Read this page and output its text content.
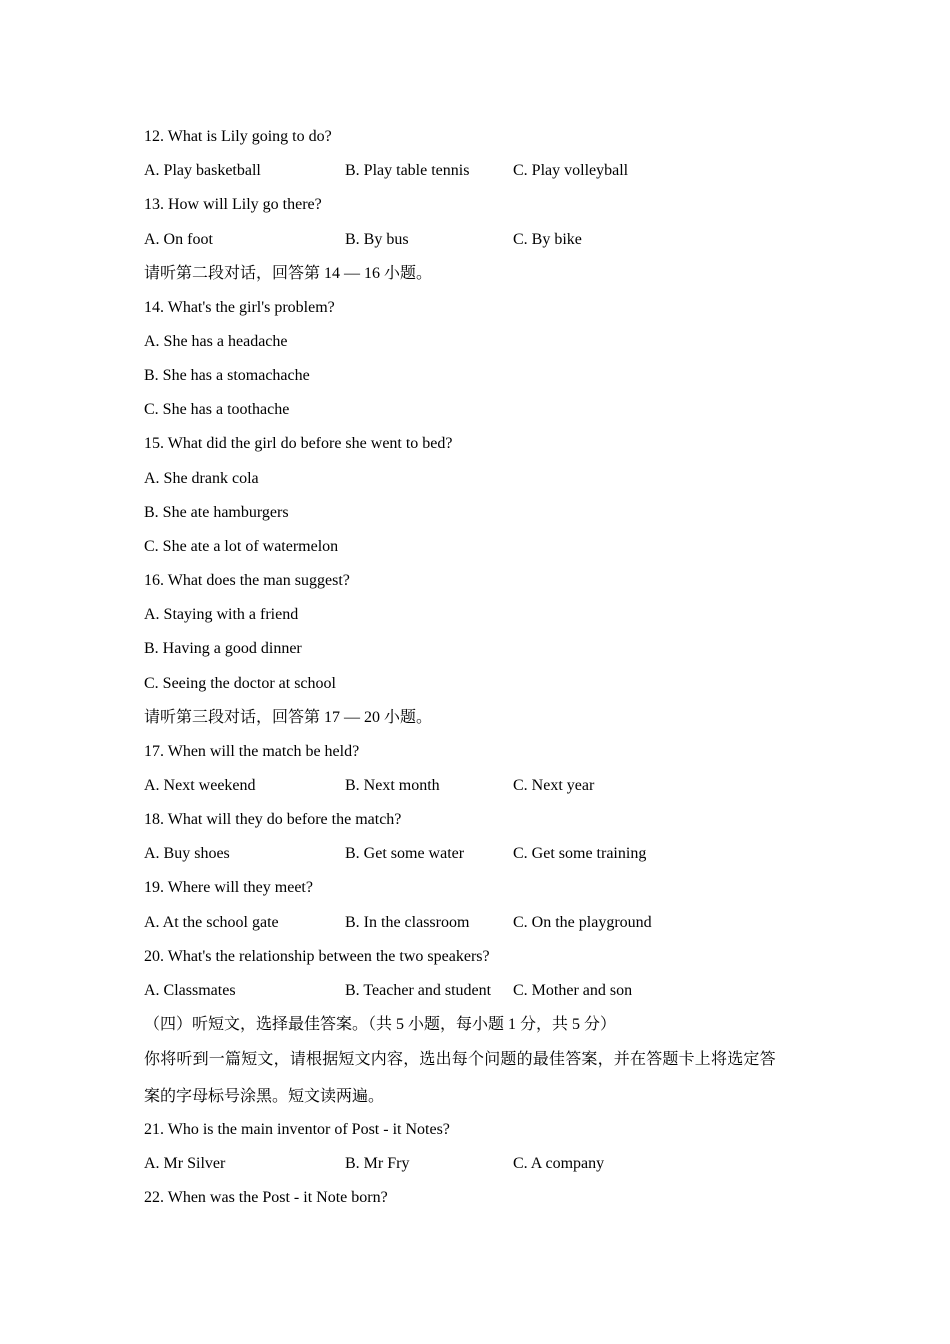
12. What is Lily going to do?
A. Play basketball	B. Play table tennis	C. Play volleyball
13. How will Lily go there?
A. On foot	B. By bus	C. By bike
请听第二段对话，回答第 14 — 16 小题。
14. What's the girl's problem?
A. She has a headache
B. She has a stomachache
C. She has a toothache
15. What did the girl do before she went to bed?
A. She drank cola
B. She ate hamburgers
C. She ate a lot of watermelon
16. What does the man suggest?
A. Staying with a friend
B. Having a good dinner
C. Seeing the doctor at school
请听第三段对话，回答第 17 — 20 小题。
17. When will the match be held?
A. Next weekend	B. Next month	C. Next year
18. What will they do before the match?
A. Buy shoes	B. Get some water	C. Get some training
19. Where will they meet?
A. At the school gate	B. In the classroom	C. On the playground
20. What's the relationship between the two speakers?
A. Classmates	B. Teacher and student C. Mother and son
（四）听短文，选择最佳答案。（共 5 小题，每小题 1 分，共 5 分）
你将听到一篇短文，请根据短文内容，选出每个问题的最佳答案，并在答题卡上将选定答
案的字母标号涂黑。短文读两遍。
21. Who is the main inventor of Post - it Notes?
A. Mr Silver	B. Mr Fry	C. A company
22. When was the Post - it Note born?
